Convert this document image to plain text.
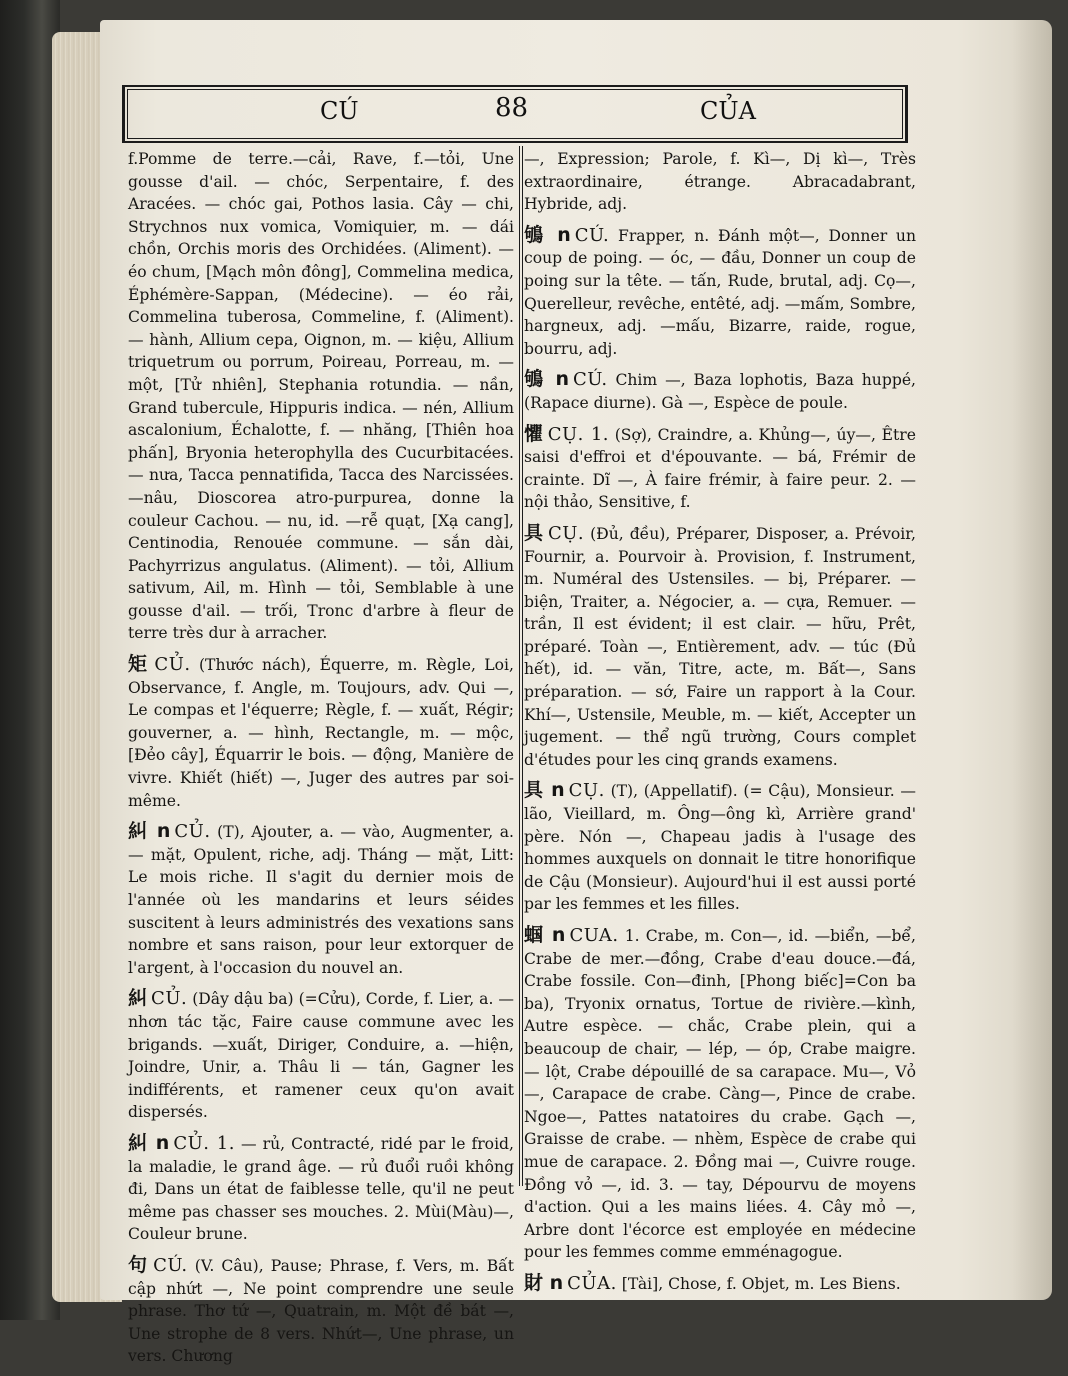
CÚ	88	CỦA

f.Pomme de terre.—cải, Rave, f.—tỏi, Une gousse d'ail. — chóc, Serpentaire, f. des Aracées. — chóc gai, Pothos lasia. Cây — chi, Strychnos nux vomica, Vomiquier, m. — dái chồn, Orchis moris des Orchidées. (Aliment). — éo chum, [Mạch môn đông], Commelina medica, Éphémère-Sappan, (Médecine). — éo rải, Commelina tuberosa, Commeline, f. (Aliment). — hành, Allium cepa, Oignon, m. — kiệu, Allium triquetrum ou porrum, Poireau, Porreau, m. — một, [Tử nhiên], Stephania rotundia. — nần, Grand tubercule, Hippuris indica. — nén, Allium ascalonium, Échalotte, f. — nhăng, [Thiên hoa phấn], Bryonia heterophylla des Cucurbitacées. — nưa, Tacca pennatifida, Tacca des Narcissées.—nâu, Dioscorea atro-purpurea, donne la couleur Cachou. — nu, id. —rễ quạt, [Xạ cang], Centinodia, Renouée commune. — sắn dài, Pachyrrizus angulatus. (Aliment). — tỏi, Allium sativum, Ail, m. Hình — tỏi, Semblable à une gousse d'ail. — trối, Tronc d'arbre à fleur de terre très dur à arracher.

矩 CỦ. (Thước nách), Équerre, m. Règle, Loi, Observance, f. Angle, m. Toujours, adv. Qui —, Le compas et l'équerre; Règle, f. — xuất, Régir; gouverner, a. — hình, Rectangle, m. — mộc, [Đẻo cây], Équarrir le bois. — động, Manière de vivre. Khiết (hiết) —, Juger des autres par soi-même.

糾 n CỦ. (T), Ajouter, a. — vào, Augmenter, a. — mặt, Opulent, riche, adj. Tháng — mặt, Litt: Le mois riche. Il s'agit du dernier mois de l'année où les mandarins et leurs séides suscitent à leurs administrés des vexations sans nombre et sans raison, pour leur extorquer de l'argent, à l'occasion du nouvel an.

糾 CỦ. (Dây dậu ba) (=Cửu), Corde, f. Lier, a. — nhơn tác tặc, Faire cause commune avec les brigands. —xuất, Diriger, Conduire, a. —hiện, Joindre, Unir, a. Thâu li — tán, Gagner les indifférents, et ramener ceux qu'on avait dispersés.

糾 n CỦ. 1. — rủ, Contracté, ridé par le froid, la maladie, le grand âge. — rủ đuổi ruồi không đi, Dans un état de faiblesse telle, qu'il ne peut même pas chasser ses mouches. 2. Mùi(Màu)—, Couleur brune.

句 CÚ. (V. Câu), Pause; Phrase, f. Vers, m. Bất cập nhứt —, Ne point comprendre une seule phrase. Thơ tứ —, Quatrain, m. Một đề bát —, Une strophe de 8 vers. Nhứt—, Une phrase, un vers. Chương

—, Expression; Parole, f. Kì—, Dị kì—, Très extraordinaire, étrange. Abracadabrant, Hybride, adj.

鴝 n CÚ. Frapper, n. Đánh một—, Donner un coup de poing. — óc, — đầu, Donner un coup de poing sur la tête. — tấn, Rude, brutal, adj. Cọ—, Querelleur, revêche, entêté, adj. —mấm, Sombre, hargneux, adj. —mấu, Bizarre, raide, rogue, bourru, adj.

鴝 n CÚ. Chim —, Baza lophotis, Baza huppé, (Rapace diurne). Gà —, Espèce de poule.

懼 CỤ. 1. (Sợ), Craindre, a. Khủng—, úy—, Être saisi d'effroi et d'épouvante. — bá, Frémir de crainte. Dĩ —, À faire frémir, à faire peur. 2. — nội thảo, Sensitive, f.

具 CỤ. (Đủ, đều), Préparer, Disposer, a. Prévoir, Fournir, a. Pourvoir à. Provision, f. Instrument, m. Numéral des Ustensiles. — bị, Préparer. — biện, Traiter, a. Négocier, a. — cựa, Remuer. — trần, Il est évident; il est clair. — hữu, Prêt, préparé. Toàn —, Entièrement, adv. — túc (Đủ hết), id. — văn, Titre, acte, m. Bất—, Sans préparation. — sớ, Faire un rapport à la Cour. Khí—, Ustensile, Meuble, m. — kiết, Accepter un jugement. — thể ngũ trường, Cours complet d'études pour les cinq grands examens.

具 n CỤ. (T), (Appellatif). (= Cậu), Monsieur. — lão, Vieillard, m. Ông—ông kì, Arrière grand' père. Nón —, Chapeau jadis à l'usage des hommes auxquels on donnait le titre honorifique de Cậu (Monsieur). Aujourd'hui il est aussi porté par les femmes et les filles.

蝈 n CUA. 1. Crabe, m. Con—, id. —biển, —bể, Crabe de mer.—đồng, Crabe d'eau douce.—đá, Crabe fossile. Con—đinh, [Phong biếc]=Con ba ba), Tryonix ornatus, Tortue de rivière.—kình, Autre espèce. — chắc, Crabe plein, qui a beaucoup de chair, — lép, — óp, Crabe maigre. — lột, Crabe dépouillé de sa carapace. Mu—, Vỏ—, Carapace de crabe. Càng—, Pince de crabe. Ngoe—, Pattes natatoires du crabe. Gạch —, Graisse de crabe. — nhèm, Espèce de crabe qui mue de carapace. 2. Đồng mai —, Cuivre rouge. Đồng vỏ —, id. 3. — tay, Dépourvu de moyens d'action. Qui a les mains liées. 4. Cây mỏ —, Arbre dont l'écorce est employée en médecine pour les femmes comme emménagogue.

財 n CỦA. [Tài], Chose, f. Objet, m. Les Biens.
